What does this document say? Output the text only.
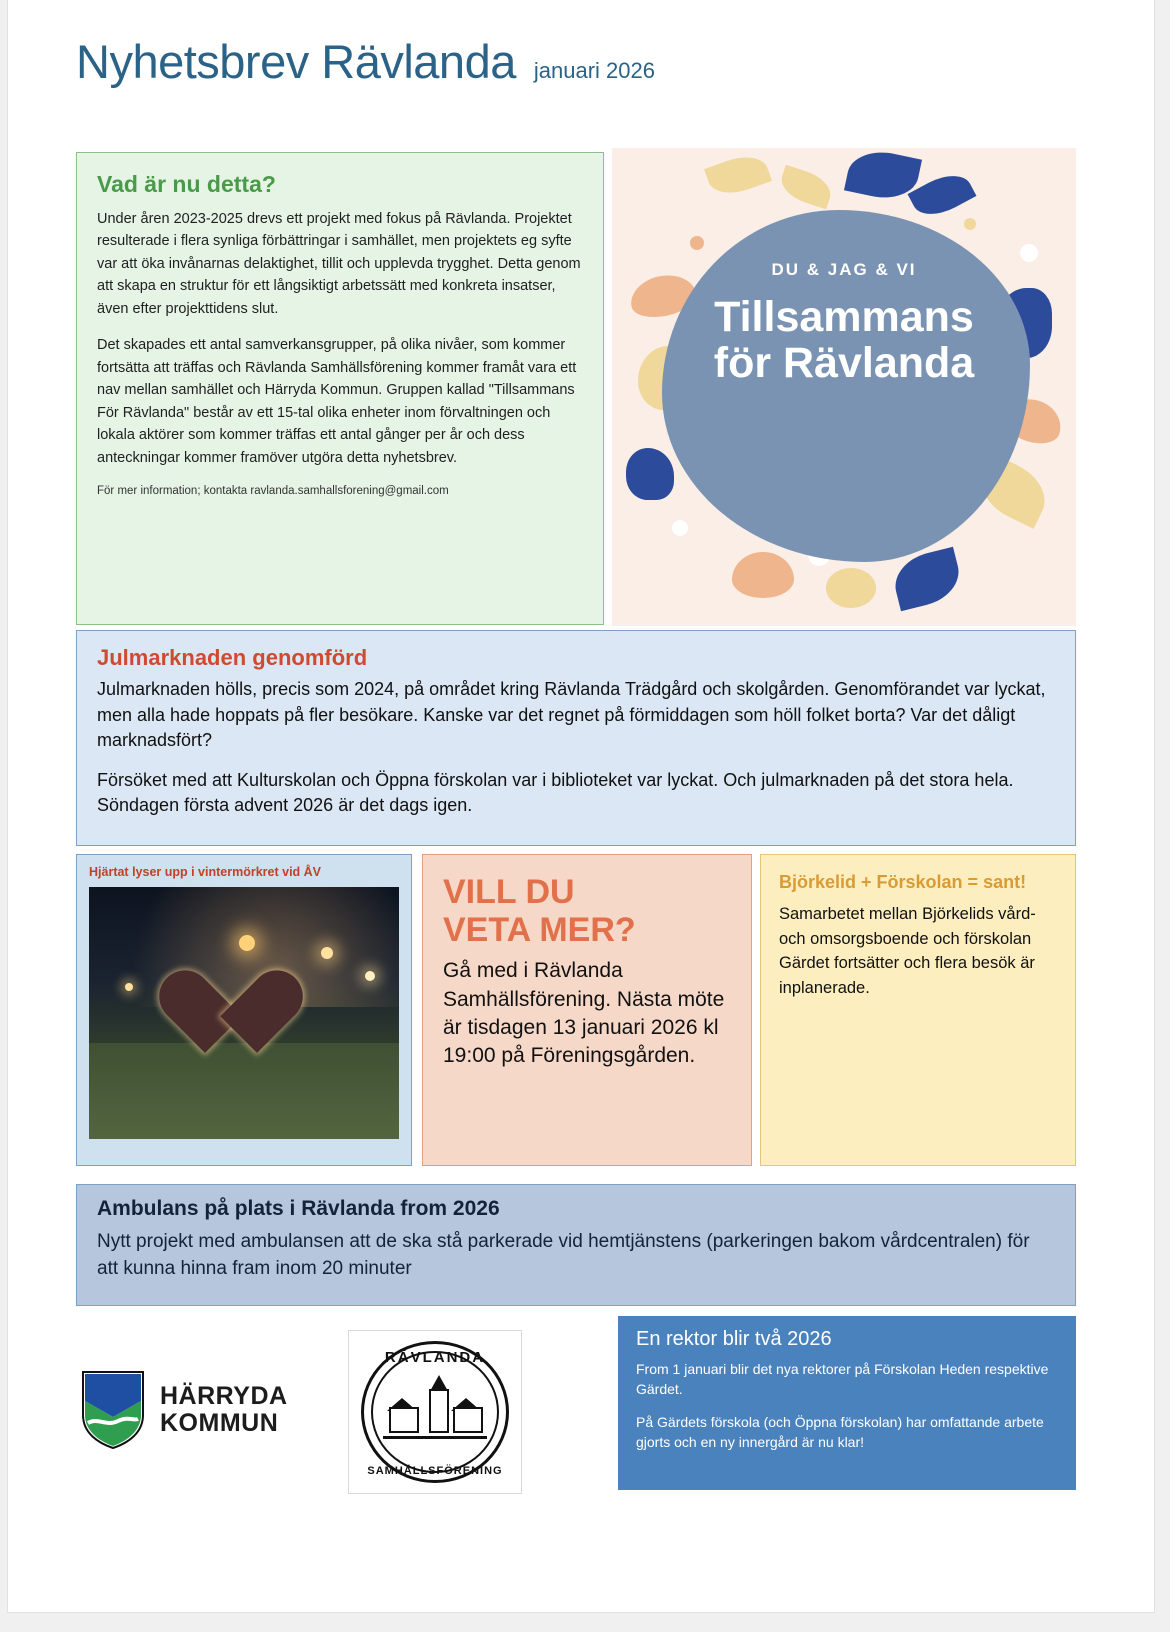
Nyhetsbrev Rävlanda januari 2026
Vad är nu detta?

Under åren 2023-2025 drevs ett projekt med fokus på Rävlanda. Projektet resulterade i flera synliga förbättringar i samhället, men projektets eg syfte var att öka invånarnas delaktighet, tillit och upplevda trygghet. Detta genom att skapa en struktur för ett långsiktigt arbetssätt med konkreta insatser, även efter projekttidens slut.

Det skapades ett antal samverkansgrupper, på olika nivåer, som kommer fortsätta att träffas och Rävlanda Samhällsförening kommer framåt vara ett nav mellan samhället och Härryda Kommun. Gruppen kallad "Tillsammans För Rävlanda" består av ett 15-tal olika enheter inom förvaltningen och lokala aktörer som kommer träffas ett antal gånger per år och dess anteckningar kommer framöver utgöra detta nyhetsbrev.

För mer information; kontakta ravlanda.samhallsforening@gmail.com

DU & JAG & VI
Tillsammans
för Rävlanda
Julmarknaden genomförd

Julmarknaden hölls, precis som 2024, på området kring Rävlanda Trädgård och skolgården. Genomförandet var lyckat, men alla hade hoppats på fler besökare. Kanske var det regnet på förmiddagen som höll folket borta? Var det dåligt marknadsfört?

Försöket med att Kulturskolan och Öppna förskolan var i biblioteket var lyckat. Och julmarknaden på det stora hela. Söndagen första advent 2026 är det dags igen.

Hjärtat lyser upp i vintermörkret vid ÅV

VILL DU
VETA MER?

Gå med i Rävlanda Samhällsförening. Nästa möte är tisdagen 13 januari 2026 kl 19:00 på Föreningsgården.

Björkelid + Förskolan = sant!

Samarbetet mellan Björkelids vård- och omsorgsboende och förskolan Gärdet fortsätter och flera besök är inplanerade.

Ambulans på plats i Rävlanda from 2026

Nytt projekt med ambulansen att de ska stå parkerade vid hemtjänstens (parkeringen bakom vårdcentralen) för att kunna hinna fram inom 20 minuter

En rektor blir två 2026

From 1 januari blir det nya rektorer på Förskolan Heden respektive Gärdet.

På Gärdets förskola (och Öppna förskolan) har omfattande arbete gjorts och en ny innergård är nu klar!

HÄRRYDA
KOMMUN
RÄVLANDA
SAMHÄLLSFÖRENING
